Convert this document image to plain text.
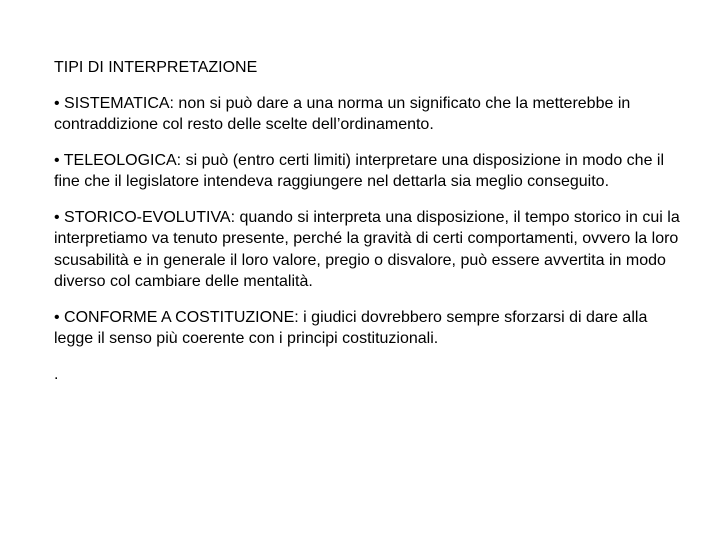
TIPI DI INTERPRETAZIONE
• SISTEMATICA: non si può dare a una norma un significato che la metterebbe in contraddizione col resto delle scelte dell’ordinamento.
• TELEOLOGICA: si può (entro certi limiti) interpretare una disposizione in modo che il fine che il legislatore intendeva raggiungere nel dettarla sia meglio conseguito.
• STORICO-EVOLUTIVA: quando si interpreta una disposizione, il tempo storico in cui la interpretiamo va tenuto presente, perché la gravità di certi comportamenti, ovvero la loro scusabilità e in generale il loro valore, pregio o disvalore, può essere avvertita in modo diverso col cambiare delle mentalità.
• CONFORME A COSTITUZIONE: i giudici dovrebbero sempre sforzarsi di dare alla legge il senso più coerente con i principi costituzionali.
.
